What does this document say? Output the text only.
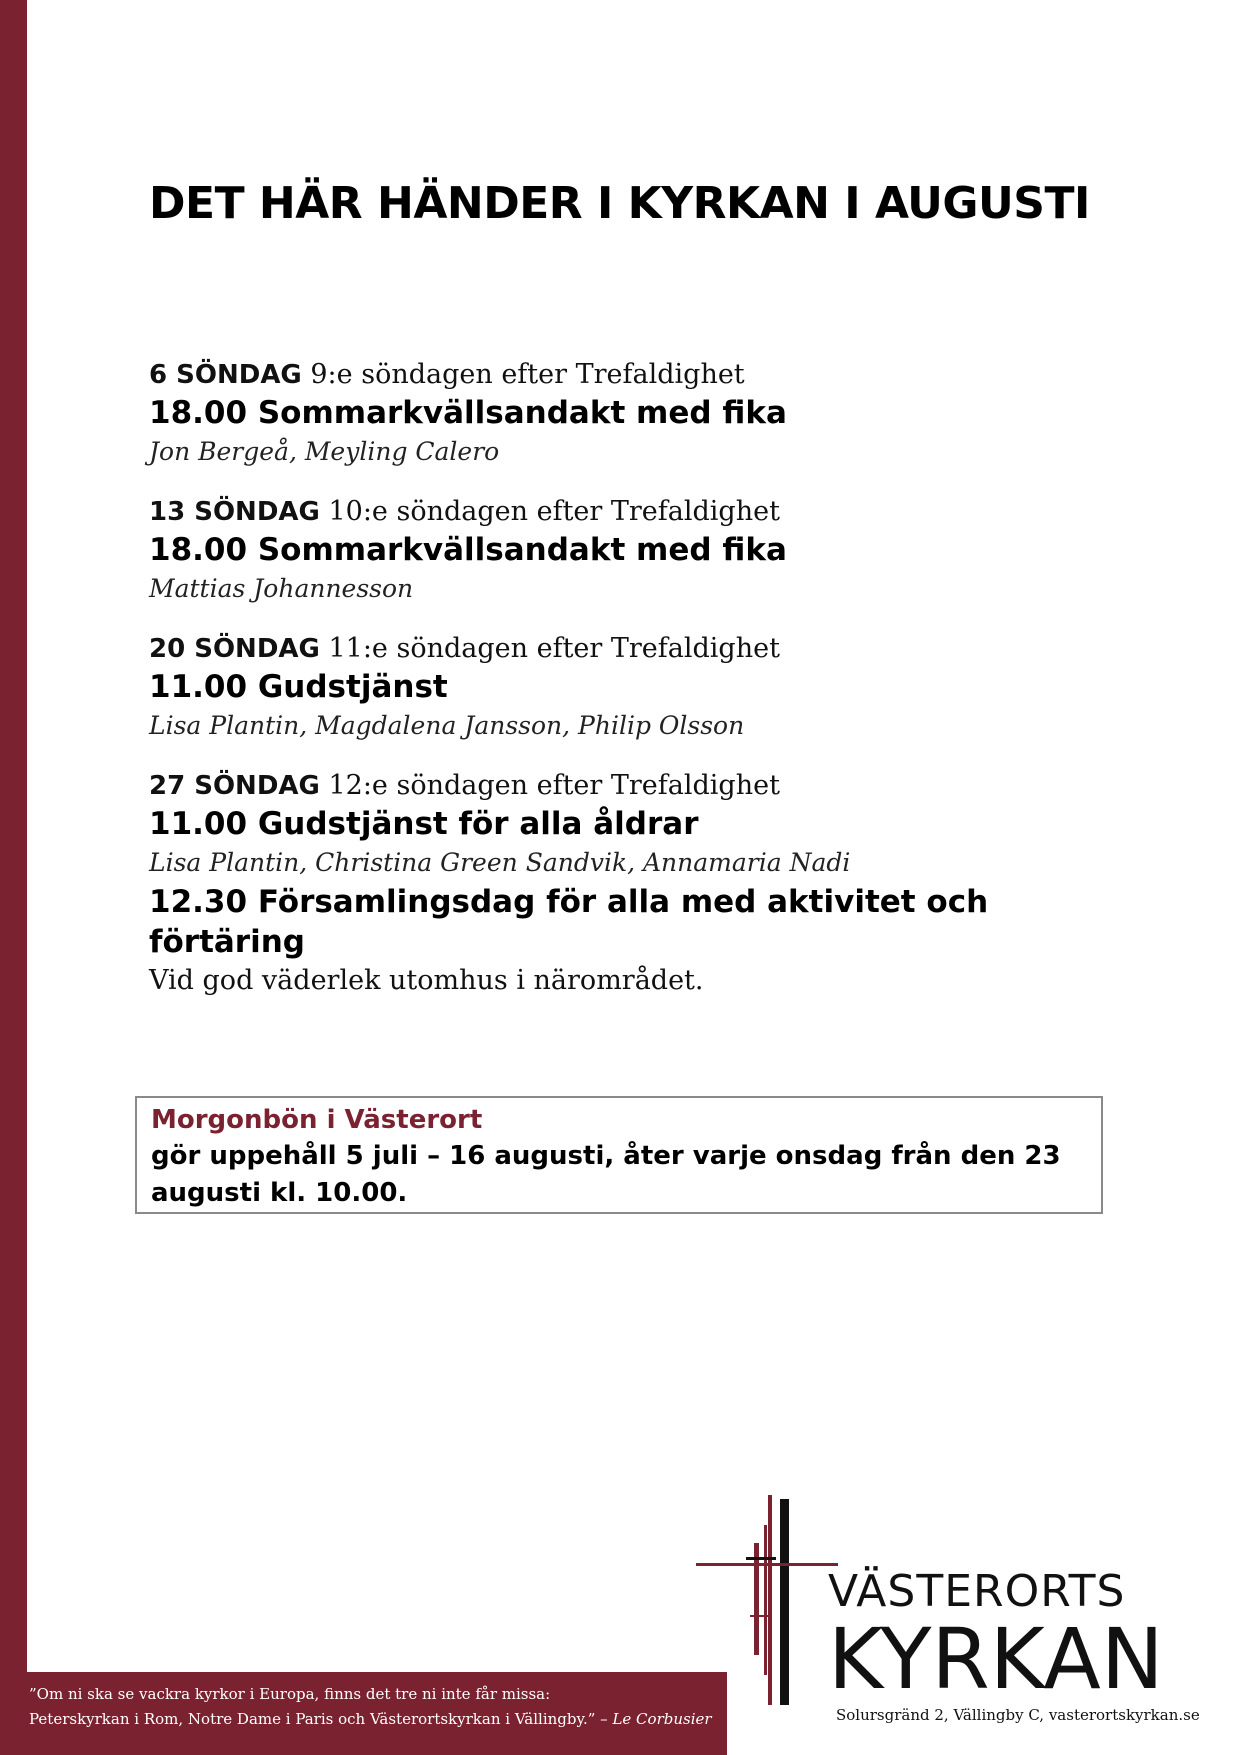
DET HÄR HÄNDER I KYRKAN I AUGUSTI
6 SÖNDAG 9:e söndagen efter Trefaldighet
18.00 Sommarkvällsandakt med fika
Jon Bergeå, Meyling Calero
13 SÖNDAG 10:e söndagen efter Trefaldighet
18.00 Sommarkvällsandakt med fika
Mattias Johannesson
20 SÖNDAG 11:e söndagen efter Trefaldighet
11.00 Gudstjänst
Lisa Plantin, Magdalena Jansson, Philip Olsson
27 SÖNDAG 12:e söndagen efter Trefaldighet
11.00 Gudstjänst för alla åldrar
Lisa Plantin, Christina Green Sandvik, Annamaria Nadi
12.30 Församlingsdag för alla med aktivitet och förtäring
Vid god väderlek utomhus i närområdet.
Morgonbön i Västerort
gör uppehåll 5 juli – 16 augusti, åter varje onsdag från den 23 augusti kl. 10.00.
VÄSTERORTS
KYRKAN
Solursgränd 2, Vällingby C, vasterortskyrkan.se
”Om ni ska se vackra kyrkor i Europa, finns det tre ni inte får missa:
Peterskyrkan i Rom, Notre Dame i Paris och Västerortskyrkan i Vällingby.” – Le Corbusier
